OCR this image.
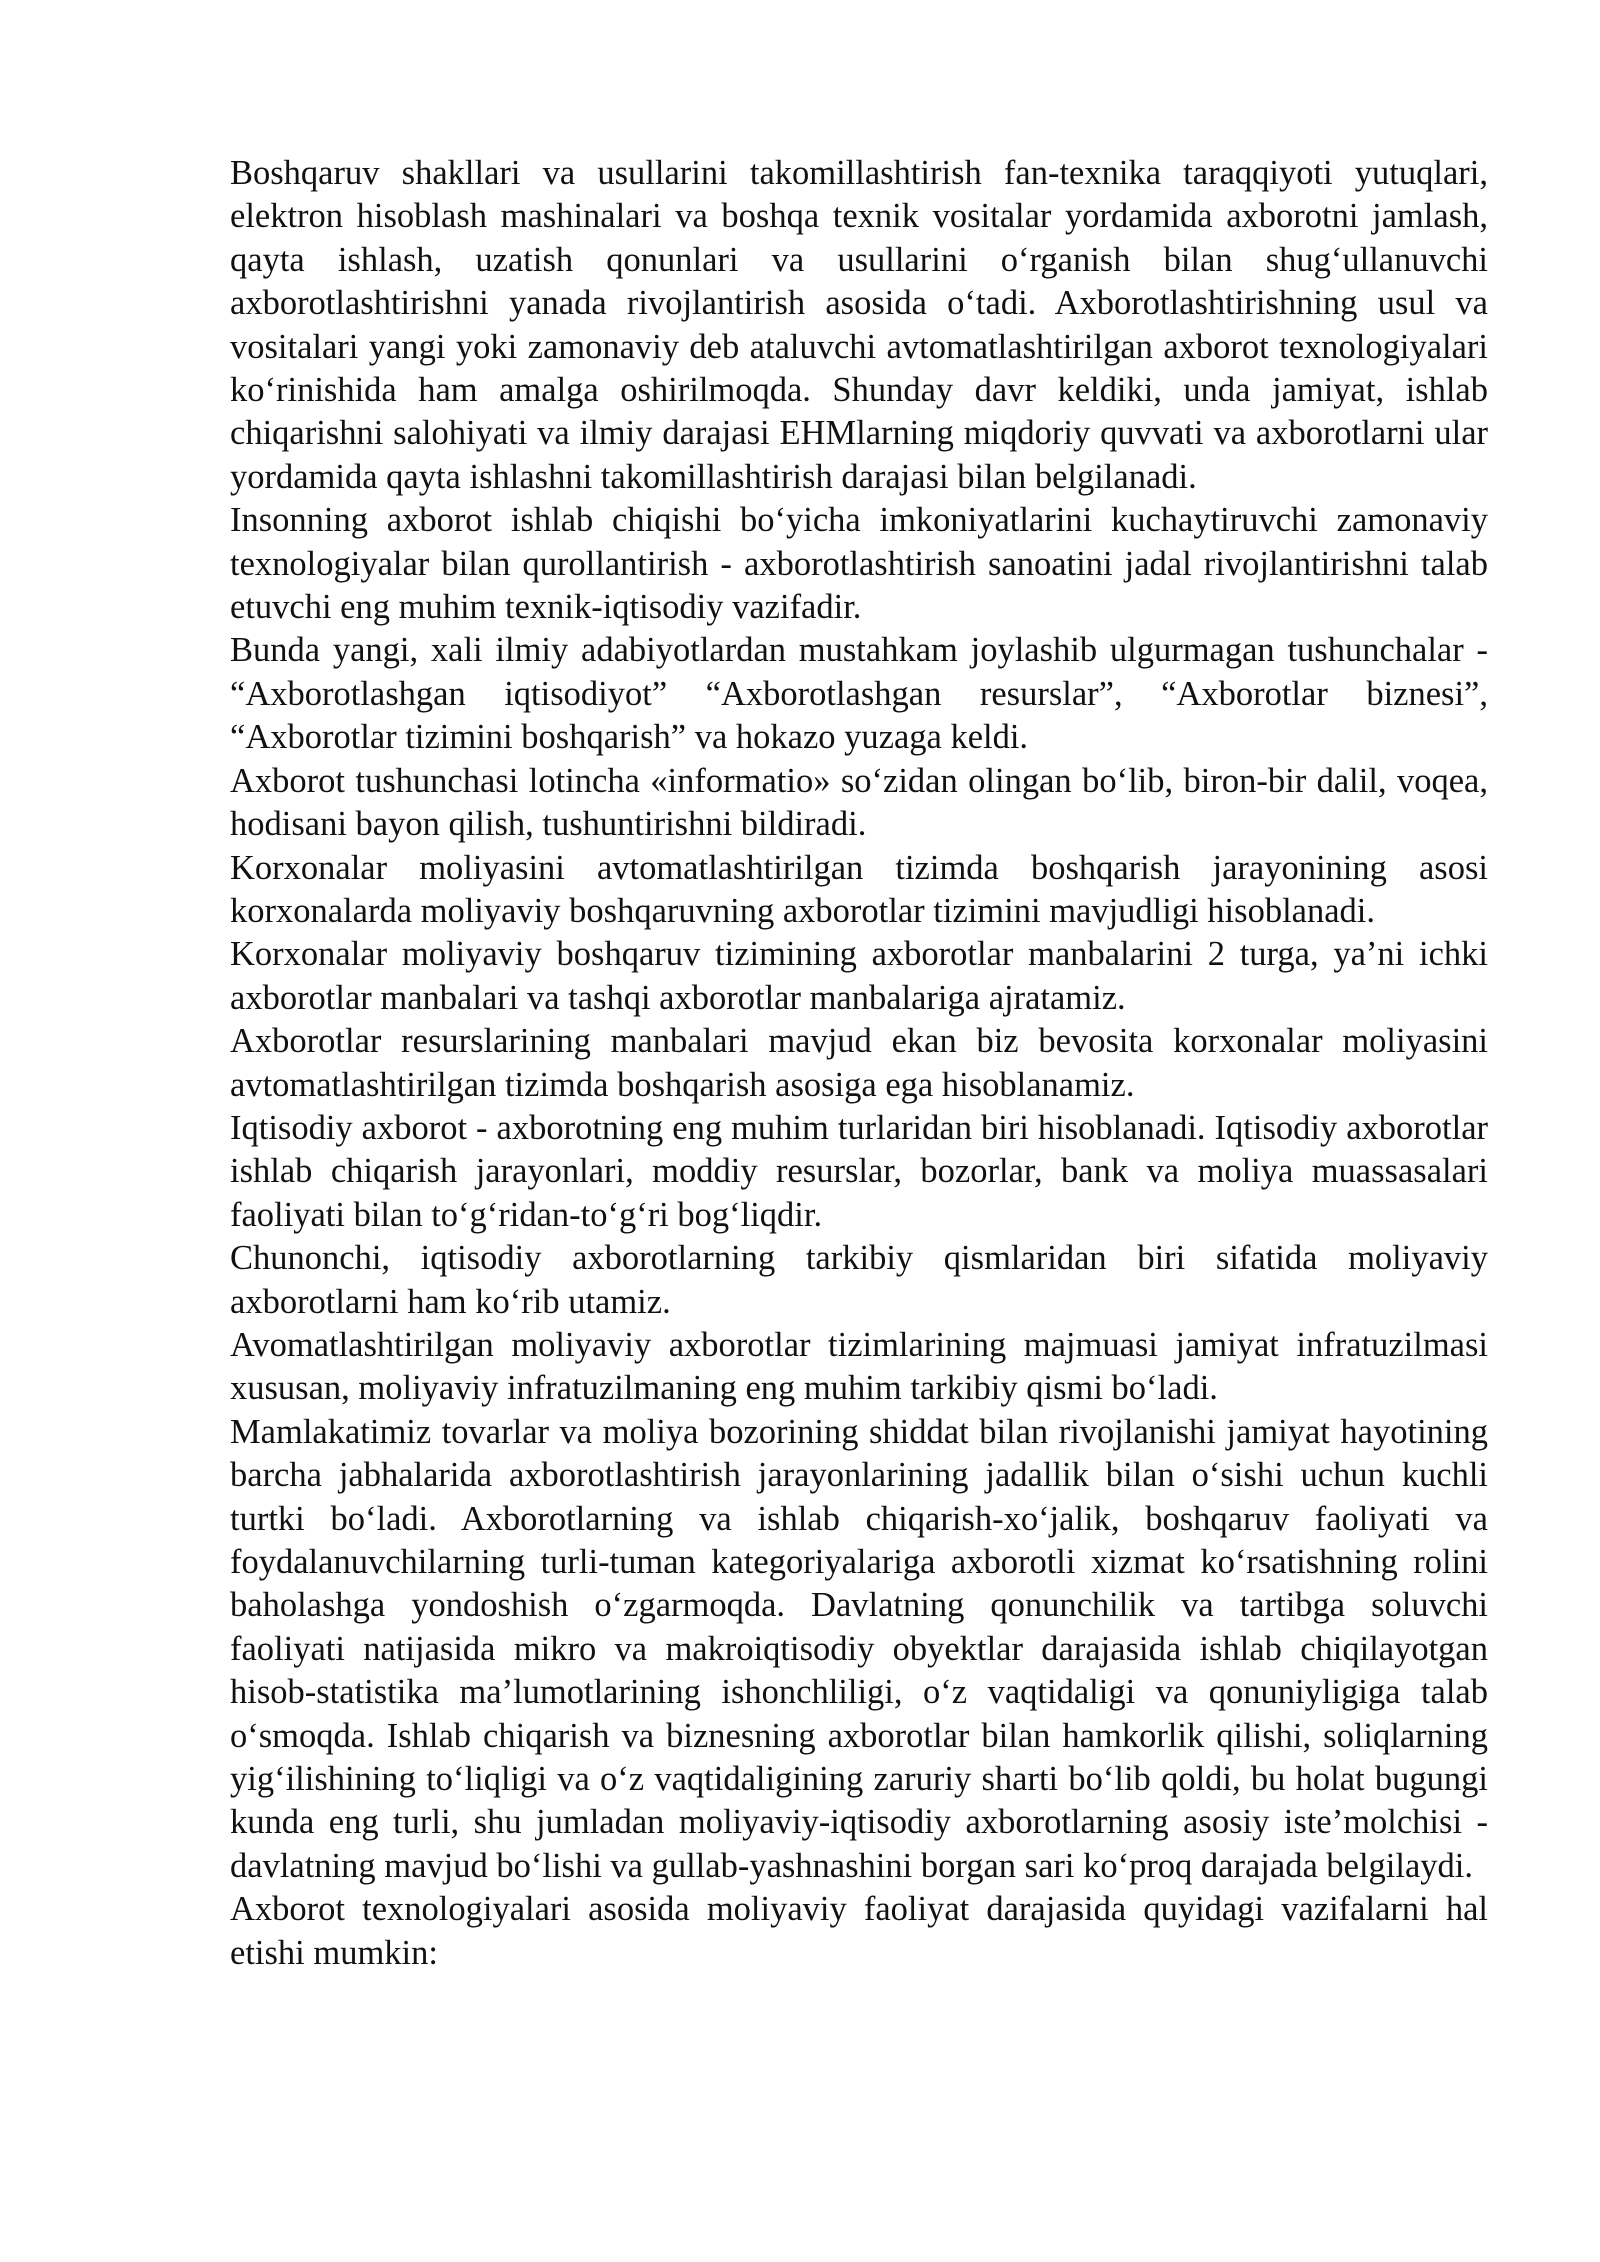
Boshqaruv shakllari va usullarini takomillashtirish fan-texnika taraqqiyoti yutuqlari, elektron hisoblash mashinalari va boshqa texnik vositalar yordamida axborotni jamlash, qayta ishlash, uzatish qonunlari va usullarini oʻrganish bilan shugʻullanuvchi axborotlashtirishni yanada rivojlantirish asosida oʻtadi. Axborotlashtirishning usul va vositalari yangi yoki zamonaviy deb ataluvchi avtomatlashtirilgan axborot texnologiyalari koʻrinishida ham amalga oshirilmoqda. Shunday davr keldiki, unda jamiyat, ishlab chiqarishni salohiyati va ilmiy darajasi EHMlarning miqdoriy quvvati va axborotlarni ular yordamida qayta ishlashni takomillashtirish darajasi bilan belgilanadi.

Insonning axborot ishlab chiqishi boʻyicha imkoniyatlarini kuchaytiruvchi zamonaviy texnologiyalar bilan qurollantirish - axborotlashtirish sanoatini jadal rivojlantirishni talab etuvchi eng muhim texnik-iqtisodiy vazifadir.

Bunda yangi, xali ilmiy adabiyotlardan mustahkam joylashib ulgurmagan tushunchalar - “Axborotlashgan iqtisodiyot” “Axborotlashgan resurslar”, “Axborotlar biznesi”, “Axborotlar tizimini boshqarish” va hokazo yuzaga keldi.

Axborot tushunchasi lotincha «informatio» soʻzidan olingan boʻlib, biron-bir dalil, voqea, hodisani bayon qilish, tushuntirishni bildiradi.

Korxonalar moliyasini avtomatlashtirilgan tizimda boshqarish jarayonining asosi korxonalarda moliyaviy boshqaruvning axborotlar tizimini mavjudligi hisoblanadi.

Korxonalar moliyaviy boshqaruv tizimining axborotlar manbalarini 2 turga, ya’ni ichki axborotlar manbalari va tashqi axborotlar manbalariga ajratamiz.

Axborotlar resurslarining manbalari mavjud ekan biz bevosita korxonalar moliyasini avtomatlashtirilgan tizimda boshqarish asosiga ega hisoblanamiz.

Iqtisodiy axborot - axborotning eng muhim turlaridan biri hisoblanadi. Iqtisodiy axborotlar ishlab chiqarish jarayonlari, moddiy resurslar, bozorlar, bank va moliya muassasalari faoliyati bilan toʻgʻridan-toʻgʻri bogʻliqdir.

Chunonchi, iqtisodiy axborotlarning tarkibiy qismlaridan biri sifatida moliyaviy axborotlarni ham koʻrib utamiz.

Avomatlashtirilgan moliyaviy axborotlar tizimlarining majmuasi jamiyat infratuzilmasi xususan, moliyaviy infratuzilmaning eng muhim tarkibiy qismi boʻladi.

Mamlakatimiz tovarlar va moliya bozorining shiddat bilan rivojlanishi jamiyat hayotining barcha jabhalarida axborotlashtirish jarayonlarining jadallik bilan oʻsishi uchun kuchli turtki boʻladi. Axborotlarning va ishlab chiqarish-xoʻjalik, boshqaruv faoliyati va foydalanuvchilarning turli-tuman kategoriyalariga axborotli xizmat koʻrsatishning rolini baholashga yondoshish oʻzgarmoqda. Davlatning qonunchilik va tartibga soluvchi faoliyati natijasida mikro va makroiqtisodiy obyektlar darajasida ishlab chiqilayotgan hisob-statistika ma’lumotlarining ishonchliligi, oʻz vaqtidaligi va qonuniyligiga talab oʻsmoqda. Ishlab chiqarish va biznesning axborotlar bilan hamkorlik qilishi, soliqlarning yigʻilishining toʻliqligi va oʻz vaqtidaligining zaruriy sharti boʻlib qoldi, bu holat bugungi kunda eng turli, shu jumladan moliyaviy-iqtisodiy axborotlarning asosiy iste’molchisi - davlatning mavjud boʻlishi va gullab-yashnashini borgan sari koʻproq darajada belgilaydi.

Axborot texnologiyalari asosida moliyaviy faoliyat darajasida quyidagi vazifalarni hal etishi mumkin:
